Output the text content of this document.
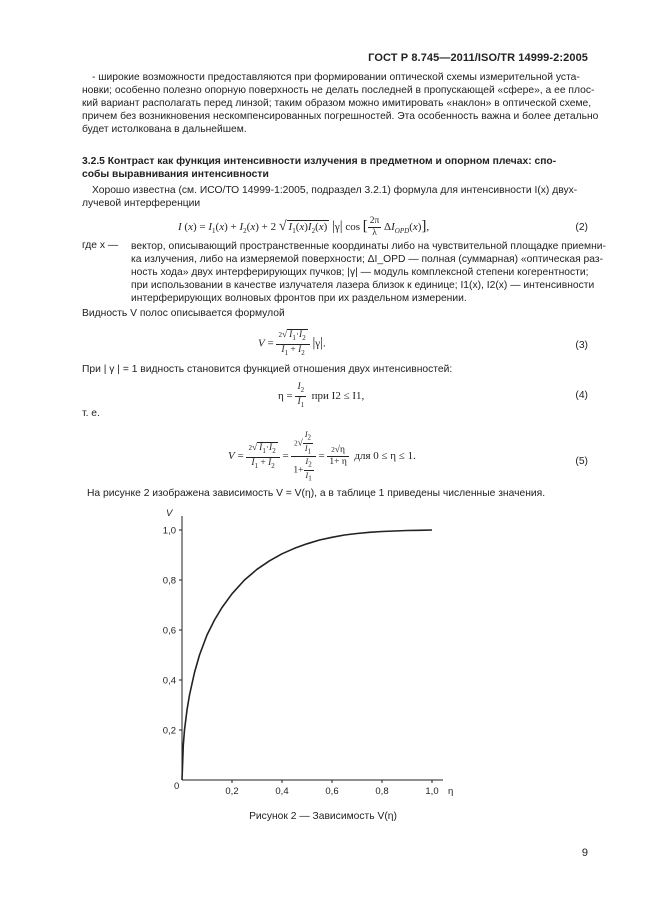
ГОСТ Р 8.745—2011/ISO/TR 14999-2:2005
- широкие возможности предоставляются при формировании оптической схемы измерительной уста-
новки; особенно полезно опорную поверхность не делать последней в пропускающей «сфере», а ее плос-
кий вариант располагать перед линзой; таким образом можно имитировать «наклон» в оптической схеме,
причем без возникновения нескомпенсированных погрешностей. Эта особенность важна и более детально
будет истолкована в дальнейшем.
3.2.5 Контраст как функция интенсивности излучения в предметном и опорном плечах: спо-
собы выравнивания интенсивности
Хорошо известна (см. ИСО/ТО 14999-1:2005, подраздел 3.2.1) формула для интенсивности I(x) двух-
лучевой интерференции
I $(x) = I_1(x) + I_2(x) + 2$ √ $I_1(x)I_2(x)$ |γ| cos [ $\frac{2\pi}{\lambda} \Delta I_{OPD}(x)$],	(2)
где x — вектор, описывающий пространственные координаты либо на чувствительной площадке приемни-
ка излучения, либо на измеряемой поверхности; ΔI_OPD — полная (суммарная) «оптическая раз-
ность хода» двух интерферирующих пучков; |γ| — модуль комплексной степени когерентности;
при использовании в качестве излучателя лазера близок к единице; I1(x), I2(x) — интенсивности
интерферирующих волновых фронтов при их раздельном измерении.
Видность V полос описывается формулой
$V = \frac{2√ I_1\cdot I_2}{I_1 + I_2} |\gamma|$.	(3)
При | γ | = 1 видность становится функцией отношения двух интенсивностей:
$\eta = \frac{I_2}{I_1}$ при I2 ≤ I1,	(4)
т. е.
$V = \frac{2√ I_1\cdot I_2}{I_1 + I_2} = \frac{2√ \frac{I_2}{I_1}}{1+ \frac{I_2}{I_1}} = \frac{2√\eta}{1+ \eta}$ для 0 ≤ η ≤ 1.	(5)
На рисунке 2 изображена зависимость V = V(η), а в таблице 1 приведены численные значения.
V
η
0	0,2
0,2
0,4
0,4
0,6
0,6
0,8
0,8
1,0
1,0
Рисунок 2 — Зависимость V(η)
9
